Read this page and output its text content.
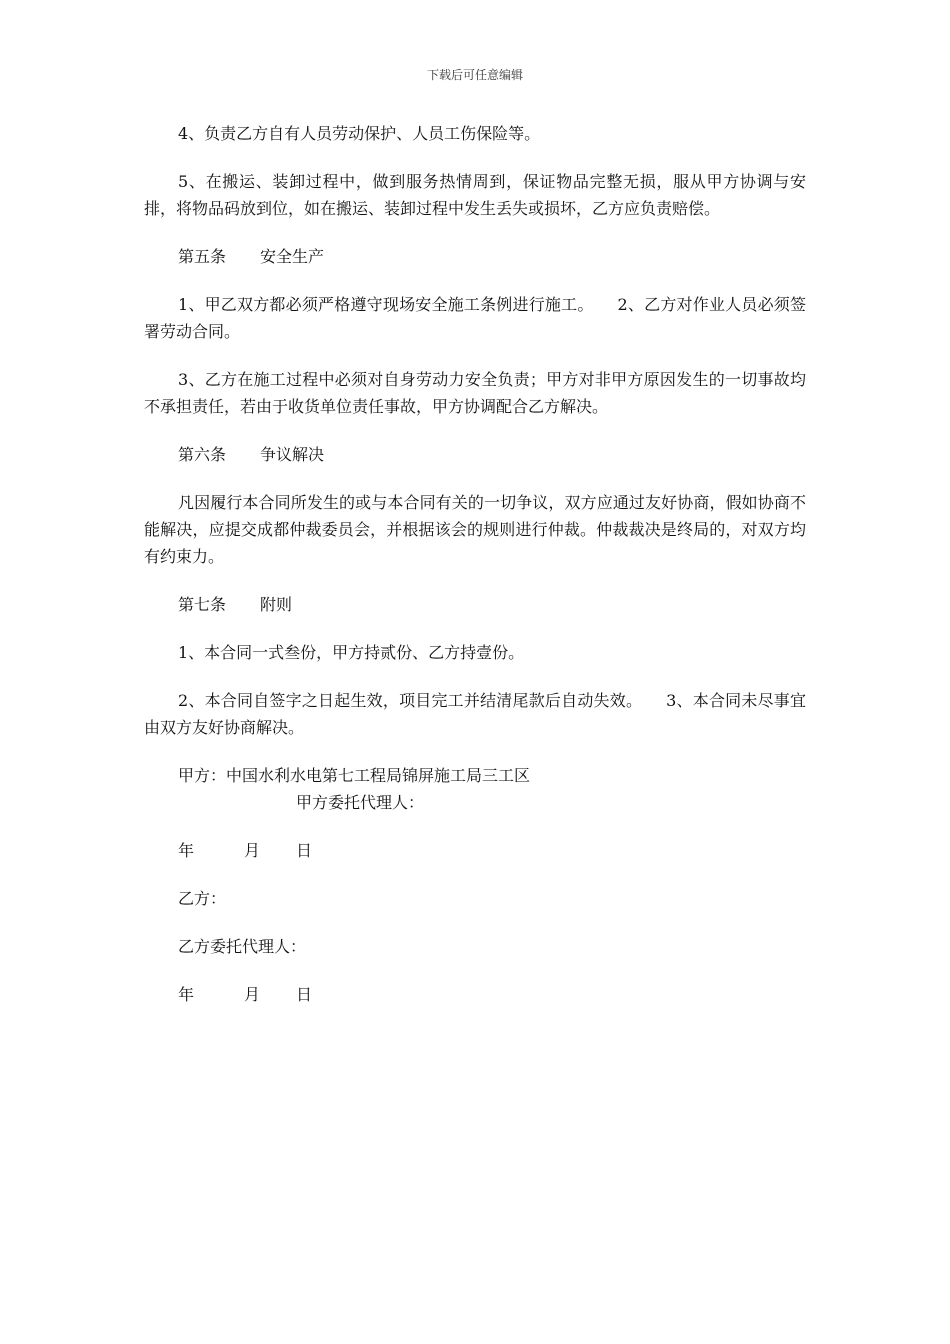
下载后可任意编辑

4、负责乙方自有人员劳动保护、人员工伤保险等。

5、在搬运、装卸过程中，做到服务热情周到，保证物品完整无损，服从甲方协调与安排，将物品码放到位，如在搬运、装卸过程中发生丢失或损坏，乙方应负责赔偿。

第五条 安全生产

1、甲乙双方都必须严格遵守现场安全施工条例进行施工。 2、乙方对作业人员必须签署劳动合同。

3、乙方在施工过程中必须对自身劳动力安全负责；甲方对非甲方原因发生的一切事故均不承担责任，若由于收货单位责任事故，甲方协调配合乙方解决。

第六条 争议解决

凡因履行本合同所发生的或与本合同有关的一切争议，双方应通过友好协商，假如协商不能解决，应提交成都仲裁委员会，并根据该会的规则进行仲裁。仲裁裁决是终局的，对双方均有约束力。

第七条 附则

1、本合同一式叁份，甲方持贰份、乙方持壹份。

2、本合同自签字之日起生效，项目完工并结清尾款后自动失效。 3、本合同未尽事宜由双方友好协商解决。

甲方：中国水利水电第七工程局锦屏施工局三工区
甲方委托代理人：
年	月 日
乙方：
乙方委托代理人：
年	月 日
